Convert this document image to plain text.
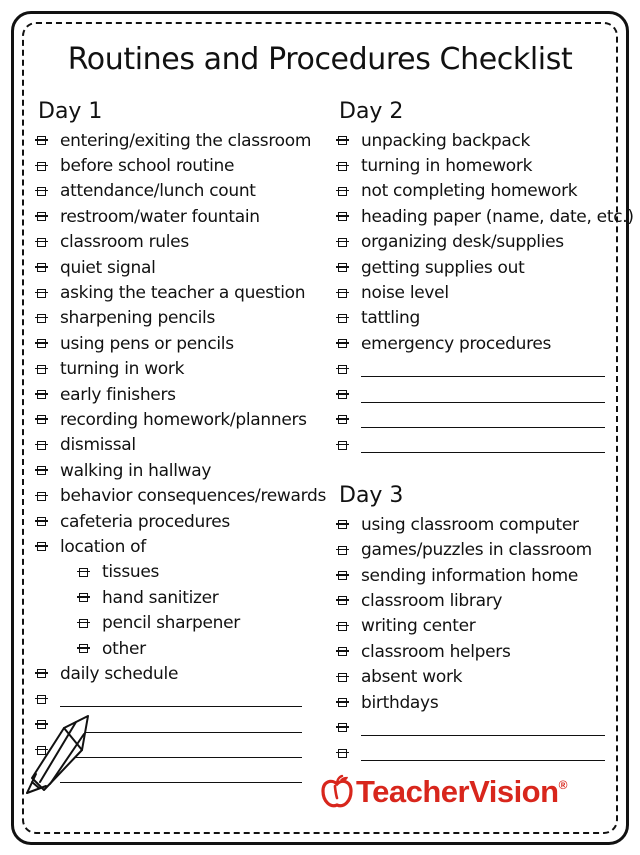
Routines and Procedures Checklist
Day 1
entering/exiting the classroom
before school routine
attendance/lunch count
restroom/water fountain
classroom rules
quiet signal
asking the teacher a question
sharpening pencils
using pens or pencils
turning in work
early finishers
recording homework/planners
dismissal
walking in hallway
behavior consequences/rewards
cafeteria procedures
location of
tissues
hand sanitizer
pencil sharpener
other
daily schedule
Day 2
unpacking backpack
turning in homework
not completing homework
heading paper (name, date, etc.)
organizing desk/supplies
getting supplies out
noise level
tattling
emergency procedures
Day 3
using classroom computer
games/puzzles in classroom
sending information home
classroom library
writing center
classroom helpers
absent work
birthdays
TeacherVision ®
